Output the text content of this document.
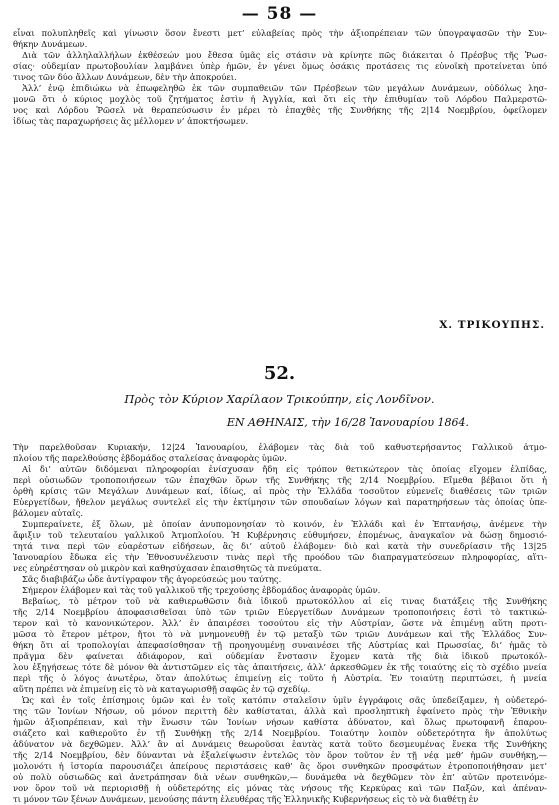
— 58 —
εἶναι πολυπληθεῖς καὶ γίνωσιν ὅσον ἔνεστι μετ’ εὐλαβείας πρὸς τὴν ἀξιοπρέπειαν τῶν ὑπογραψασῶν τὴν Συν-
θήκην Δυνάμεων.
Διὰ τῶν ἀλληλαλλήλων ἐκθέσεών μου ἔθεσα ὑμᾶς εἰς στάσιν νὰ κρίνητε πῶς διάκειται ὁ Πρέσβυς τῆς Ῥωσ-
σίας· οὐδεμίαν πρωτοβουλίαν λαμβάνει ὑπὲρ ἡμῶν, ἐν γένει ὅμως ὁσάκις προτάσεις τις εὐνοϊκὴ προτείνεται ὑπό
τινος τῶν δύο ἄλλων Δυνάμεων, δὲν τὴν ἀποκρούει.
Ἀλλ’ ἐνῷ ἐπιδιώκω νὰ ἐπωφεληθῶ ἐκ τῶν συμπαθειῶν τῶν Πρέσβεων τῶν μεγάλων Δυνάμεων, οὐδόλως λησ-
μονῶ ὅτι ὁ κύριος μοχλὸς τοῦ ζητήματος ἐστὶν ἡ Ἀγγλία, καὶ ὅτι εἰς τὴν ἐπιθυμίαν τοῦ Λόρδου Παλμερστῶ-
νος καὶ Λόρδου Ῥῶσελ νὰ θεραπεύσωσιν ἐν μέρει τὸ ἐπαχθὲς τῆς Συνθήκης τῆς 2|14 Νοεμβρίου, ὀφείλομεν
ἰδίως τὰς παραχωρήσεις ἃς μέλλομεν ν’ ἀποκτήσωμεν.
Χ. ΤΡΙΚΟΥΠΗΣ.
52.
Πρὸς τὸν Κύριον Χαρίλαον Τρικούπην, εἰς Λονδῖνον.
ΕΝ ΑΘΗΝΑΙΣ, τὴν 16/28 Ἰανουαρίου 1864.
Τὴν παρελθοῦσαν Κυριακήν, 12|24 Ἰανουαρίου, ἐλάβομεν τὰς διὰ τοῦ καθυστερήσαντος Γαλλικοῦ ἀτμο-
πλοίου τῆς παρελθούσης ἑβδομάδος σταλείσας ἀναφορὰς ὑμῶν.
Αἱ δι’ αὐτῶν διδόμεναι πληροφορίαι ἐνίσχυσαν ἤδη εἰς τρόπον θετικώτερον τὰς ὁποίας εἴχομεν ἐλπίδας,
περὶ οὐσιωδῶν τροποποιήσεων τῶν ἐπαχθῶν ὅρων τῆς Συνθήκης τῆς 2/14 Νοεμβρίου. Εἴμεθα βέβαιοι ὅτι ἡ
ὀρθὴ κρίσις τῶν Μεγάλων Δυνάμεων καί, ἰδίως, αἱ πρὸς τὴν Ἑλλάδα τοσοῦτον εὐμενεῖς διαθέσεις τῶν τριῶν
Εὐεργετίδων, ἤθελον μεγάλως συντελεῖ εἰς τὴν ἐκτίμησιν τῶν σπουδαίων λόγων καὶ παρατηρήσεων τὰς ὁποίας ὑπε-
βάλομεν αὐταῖς.
Συμπεραίνετε, ἐξ ὅλων, μὲ ὁποίαν ἀνυπομονησίαν τὸ κοινόν, ἐν Ἑλλάδι καὶ ἐν Ἑπτανήσῳ, ἀνέμενε τὴν
ἄφιξιν τοῦ τελευταίου γαλλικοῦ Ἀτμοπλοίου. Ἡ Κυβέρνησις εὐθυμήσεν, ἐπομένως, ἀναγκαῖον νὰ δώσῃ δημοσιό-
τητά τινα περὶ τῶν εὐαρέστων εἰδήσεων, ἃς δι’ αὐτοῦ ἐλάβομεν· διὸ καὶ κατὰ τὴν συνεδρίασιν τῆς 13|25
Ἰανουαρίου ἔδωκα εἰς τὴν Ἐθνοσυνέλευσιν τινὰς περὶ τῆς προόδου τῶν διαπραγματεύσεων πληροφορίας, αἵτι-
νες εὐηρέστησαν οὐ μικρὸν καὶ καθησύχασαν ἐπαισθητῶς τὰ πνεύματα.
Σᾶς διαβιβάζω ὧδε ἀντίγραφον τῆς ἀγορεύσεώς μου ταύτης.
Σήμερον ἐλάβομεν καὶ τὰς τοῦ γαλλικοῦ τῆς τρεχούσης ἑβδομάδος ἀναφορὰς ὑμῶν.
Βεβαίως, τὸ μέτρον τοῦ νὰ καθιερωθῶσιν διὰ ἰδικοῦ πρωτοκόλλου αἱ εἰς τινας διατάξεις τῆς Συνθήκης
τῆς 2/14 Νοεμβρίου ἀποφασισθεῖσαι ὑπὸ τῶν τριῶν Εὐεργετίδων Δυνάμεων τροποποιήσεις ἐστὶ τὸ τακτικώ-
τερον καὶ τὸ κανονικώτερον. Ἀλλ’ ἐν ἀπαιρέσει τοσούτου εἰς τὴν Αὐστρίαν, ὥστε νὰ ἐπιμένῃ αὕτη προτι-
μῶσα τὸ ἕτερον μέτρον, ἤτοι τὸ νὰ μνημονευθῇ ἐν τῷ μεταξὺ τῶν τριῶν Δυνάμεων καὶ τῆς Ἑλλάδος Συν-
θήκη ὅτι αἱ τροπολογίαι ἀπεφασίσθησαν τῇ προηγουμένῃ συναινέσει τῆς Αὐστρίας καὶ Πρωσσίας, δι’ ἡμᾶς τὸ
πρᾶγμα δὲν φαίνεται ἀδιάφορον, καὶ οὐδεμίαν ἔνστασιν ἔχομεν κατὰ τῆς διὰ ἰδικοῦ πρωτοκόλ-
λου ἐξηγήσεως τότε δὲ μόνον θὰ ἀντιστῶμεν εἰς τὰς ἀπαιτήσεις, ἀλλ’ ἀρκεσθῶμεν ἐκ τῆς τοιαύτης εἰς τὸ σχέδιο μνεία
περὶ τῆς ὁ λόγος ἀνωτέρω, ὅταν ἀπολύτως ἐπιμείνῃ εἰς τοῦτο ἡ Αὐστρία. Ἐν τοιαύτῃ περιπτώσει, ἡ μνεία
αὕτη πρέπει νὰ ἐπιμείνῃ εἰς τὸ νὰ καταγωρισθῇ σαφῶς ἐν τῷ σχεδίῳ.
Ὡς καὶ ἐν τοῖς ἐπίσημοις ὑμῶν καὶ ἐν τοῖς κατόπιν σταλεῖσιν ὑμῖν ἐγγράφοις σᾶς ὑπεδείξαμεν, ἡ οὐδετερό-
της τῶν Ἰονίων Νήσων, οὐ μόνον περιττὴ δὲν καθίσταται, ἀλλὰ καὶ προσληπτικὴ ἐφαίνετο πρὸς τὴν Ἐθνικὴν
ἡμῶν ἀξιοπρέπειαν, καὶ τὴν ἕνωσιν τῶν Ἰονίων νήσων καθίστα ἀδύνατον, καὶ ὅλως πρωτοφανῆ ἐπαρου-
σιάζετο καὶ καθιεροῦτο ἐν τῇ Συνθήκῃ τῆς 2/14 Νοεμβρίου. Τοιαύτην λοιπὸν οὐδετερότητα ἣν ἀπολύτως
ἀδύνατον νὰ δεχθῶμεν. Ἀλλ’ ἂν αἱ Δυνάμεις θεωροῦσαι ἑαυτὰς κατὰ τοῦτο δεσμευμένας ἕνεκα τῆς Συνθήκης
τῆς 2/14 Νοεμβρίου, δὲν δύνανται νὰ ἐξαλείψωσιν ἐντελῶς τὸν ὅρον τοῦτον ἐν τῇ νέᾳ μεθ’ ἡμῶν συνθήκῃ,—
μολονότι ἡ ἱστορία παρουσιάζει ἀπείρους περιστάσεις καθ’ ἃς ὅροι συνθηκῶν προσφάτων ἐτροποποιήθησαν μετ’
οὐ πολὺ οὐσιωδῶς καὶ ἀνετράπησαν διὰ νέων συνθηκῶν,— δυνάμεθα νὰ δεχθῶμεν τὸν ἐπ’ αὐτῶν προτεινόμε-
νον ὅρον τοῦ νὰ περιορισθῇ ἡ οὐδετερότης εἰς μόνας τὰς νήσους τῆς Κερκύρας καὶ τῶν Παξῶν, καὶ ἀπέναν-
τι μόνον τῶν ξένων Δυνάμεων, μενούσης πάντη ἐλευθέρας τῆς Ἑλληνικῆς Κυβερνήσεως εἰς τὸ νὰ διαθέτῃ ἐν
